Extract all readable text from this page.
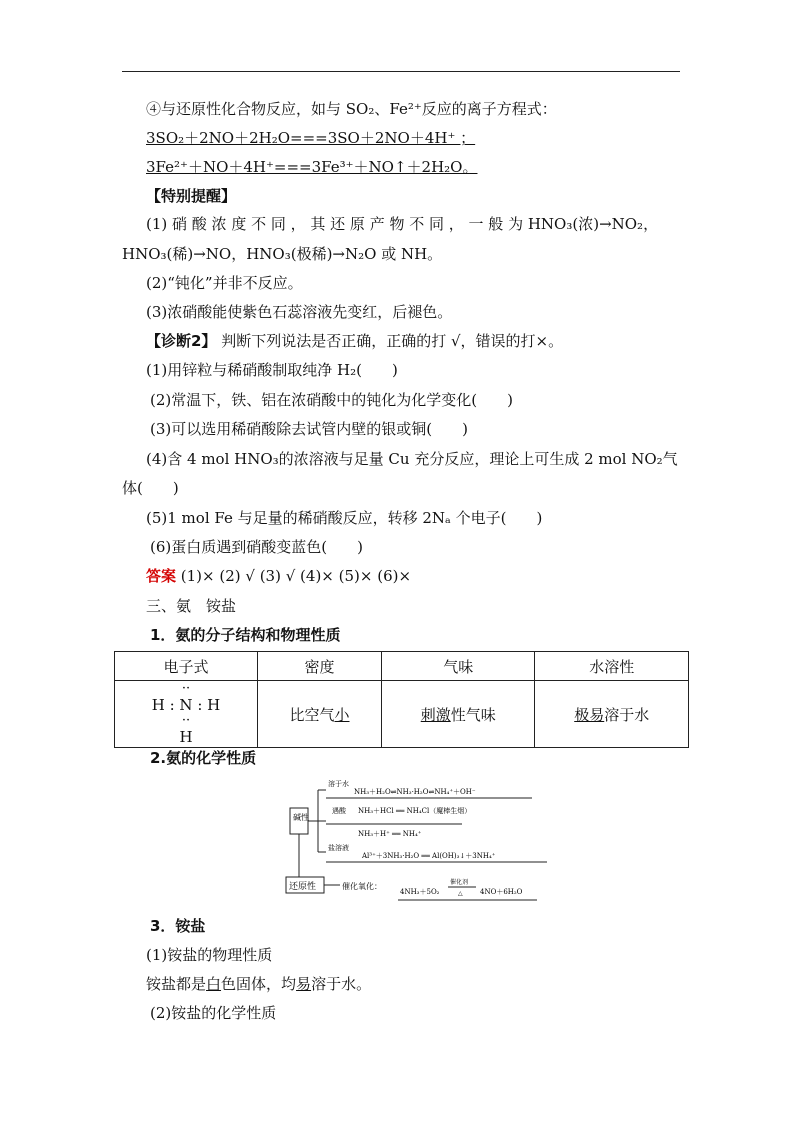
④与还原性化合物反应，如与 SO₂、Fe²⁺反应的离子方程式：
3SO₂＋2NO＋2H₂O===3SO＋2NO＋4H⁺ ；
3Fe²⁺＋NO＋4H⁺===3Fe³⁺＋NO↑＋2H₂O。
【特别提醒】
(1) 硝 酸 浓 度 不 同 ， 其 还 原 产 物 不 同 ， 一 般 为 HNO₃(浓)→NO₂，
HNO₃(稀)→NO，HNO₃(极稀)→N₂O 或 NH。
(2)“钝化”并非不反应。
(3)浓硝酸能使紫色石蕊溶液先变红，后褪色。
【诊断2】 判断下列说法是否正确，正确的打 √，错误的打×。
(1)用锌粒与稀硝酸制取纯净 H₂(　　)
(2)常温下，铁、铝在浓硝酸中的钝化为化学变化(　　)
(3)可以选用稀硝酸除去试管内壁的银或铜(　　)
(4)含 4 mol HNO₃的浓溶液与足量 Cu 充分反应，理论上可生成 2 mol NO₂气
体(　　)
(5)1 mol Fe 与足量的稀硝酸反应，转移 2Nₐ 个电子(　　)
(6)蛋白质遇到硝酸变蓝色(　　)
答案 (1)× (2) √ (3) √ (4)× (5)× (6)×
三、氨　铵盐
1．氨的分子结构和物理性质
电子式	密度	气味	水溶性

··
H : N : H
··
H	比空气小	刺激性气味	极易溶于水
2.氨的化学性质
碱性
还原性
溶于水
NH₃＋H₂O⇌NH₃·H₂O⇌NH₄⁺＋OH⁻
遇酸 NH₃＋HCl ══ NH₄Cl（魔棒生烟）
NH₃＋H⁺ ══ NH₄⁺
盐溶液
Al³⁺＋3NH₃·H₂O ══ Al(OH)₃↓＋3NH₄⁺
催化氧化：
4NH₃＋5O₂
催化剂
△ 4NO＋6H₂O
3．铵盐
(1)铵盐的物理性质
铵盐都是白色固体，均易溶于水。
(2)铵盐的化学性质
